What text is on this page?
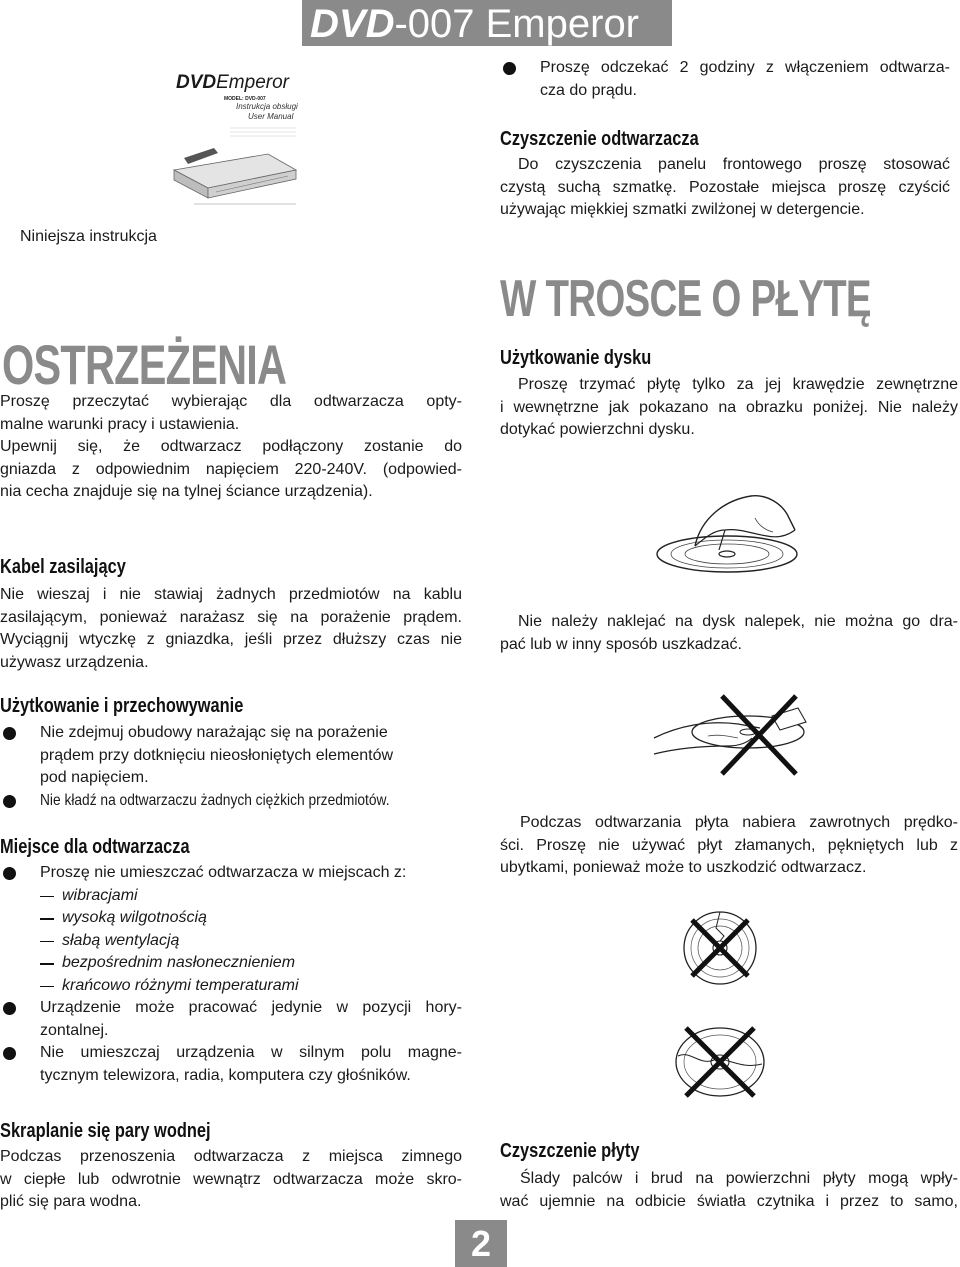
DVD-007 Emperor
DVDEmperor
MODEL: DVD-007
Instrukcja obsługi
User Manual
Niniejsza instrukcja
OSTRZEŻENIA
Proszę przeczytać wybierając dla odtwarzacza opty-
malne warunki pracy i ustawienia.
Upewnij się, że odtwarzacz podłączony zostanie do
gniazda z odpowiednim napięciem 220-240V. (odpowied-
nia cecha znajduje się na tylnej ściance urządzenia).
Kabel zasilający
Nie wieszaj i nie stawiaj żadnych przedmiotów na kablu
zasilającym, ponieważ narażasz się na porażenie prądem.
Wyciągnij wtyczkę z gniazdka, jeśli przez dłuższy czas nie
używasz urządzenia.
Użytkowanie i przechowywanie
Nie zdejmuj obudowy narażając się na porażenie
prądem przy dotknięciu nieosłoniętych elementów
pod napięciem.
Nie kładź na odtwarzaczu żadnych ciężkich przedmiotów.
Miejsce dla odtwarzacza
Proszę nie umieszczać odtwarzacza w miejscach z:
wibracjami
wysoką wilgotnością
słabą wentylacją
bezpośrednim nasłonecznieniem
krańcowo różnymi temperaturami
Urządzenie może pracować jedynie w pozycji hory-
zontalnej.
Nie umieszczaj urządzenia w silnym polu magne-
tycznym telewizora, radia, komputera czy głośników.
Skraplanie się pary wodnej
Podczas przenoszenia odtwarzacza z miejsca zimnego
w ciepłe lub odwrotnie wewnątrz odtwarzacza może skro-
plić się para wodna.
Proszę odczekać 2 godziny z włączeniem odtwarza-
cza do prądu.
Czyszczenie odtwarzacza
Do czyszczenia panelu frontowego proszę stosować
czystą suchą szmatkę. Pozostałe miejsca proszę czyścić
używając miękkiej szmatki zwilżonej w detergencie.
W TROSCE O PŁYTĘ
Użytkowanie dysku
Proszę trzymać płytę tylko za jej krawędzie zewnętrzne
i wewnętrzne jak pokazano na obrazku poniżej. Nie należy
dotykać powierzchni dysku.
Nie należy naklejać na dysk nalepek, nie można go dra-
pać lub w inny sposób uszkadzać.
Podczas odtwarzania płyta nabiera zawrotnych prędko-
ści. Proszę nie używać płyt złamanych, pękniętych lub z
ubytkami, ponieważ może to uszkodzić odtwarzacz.
Czyszczenie płyty
Ślady palców i brud na powierzchni płyty mogą wpły-
wać ujemnie na odbicie światła czytnika i przez to samo,
2
